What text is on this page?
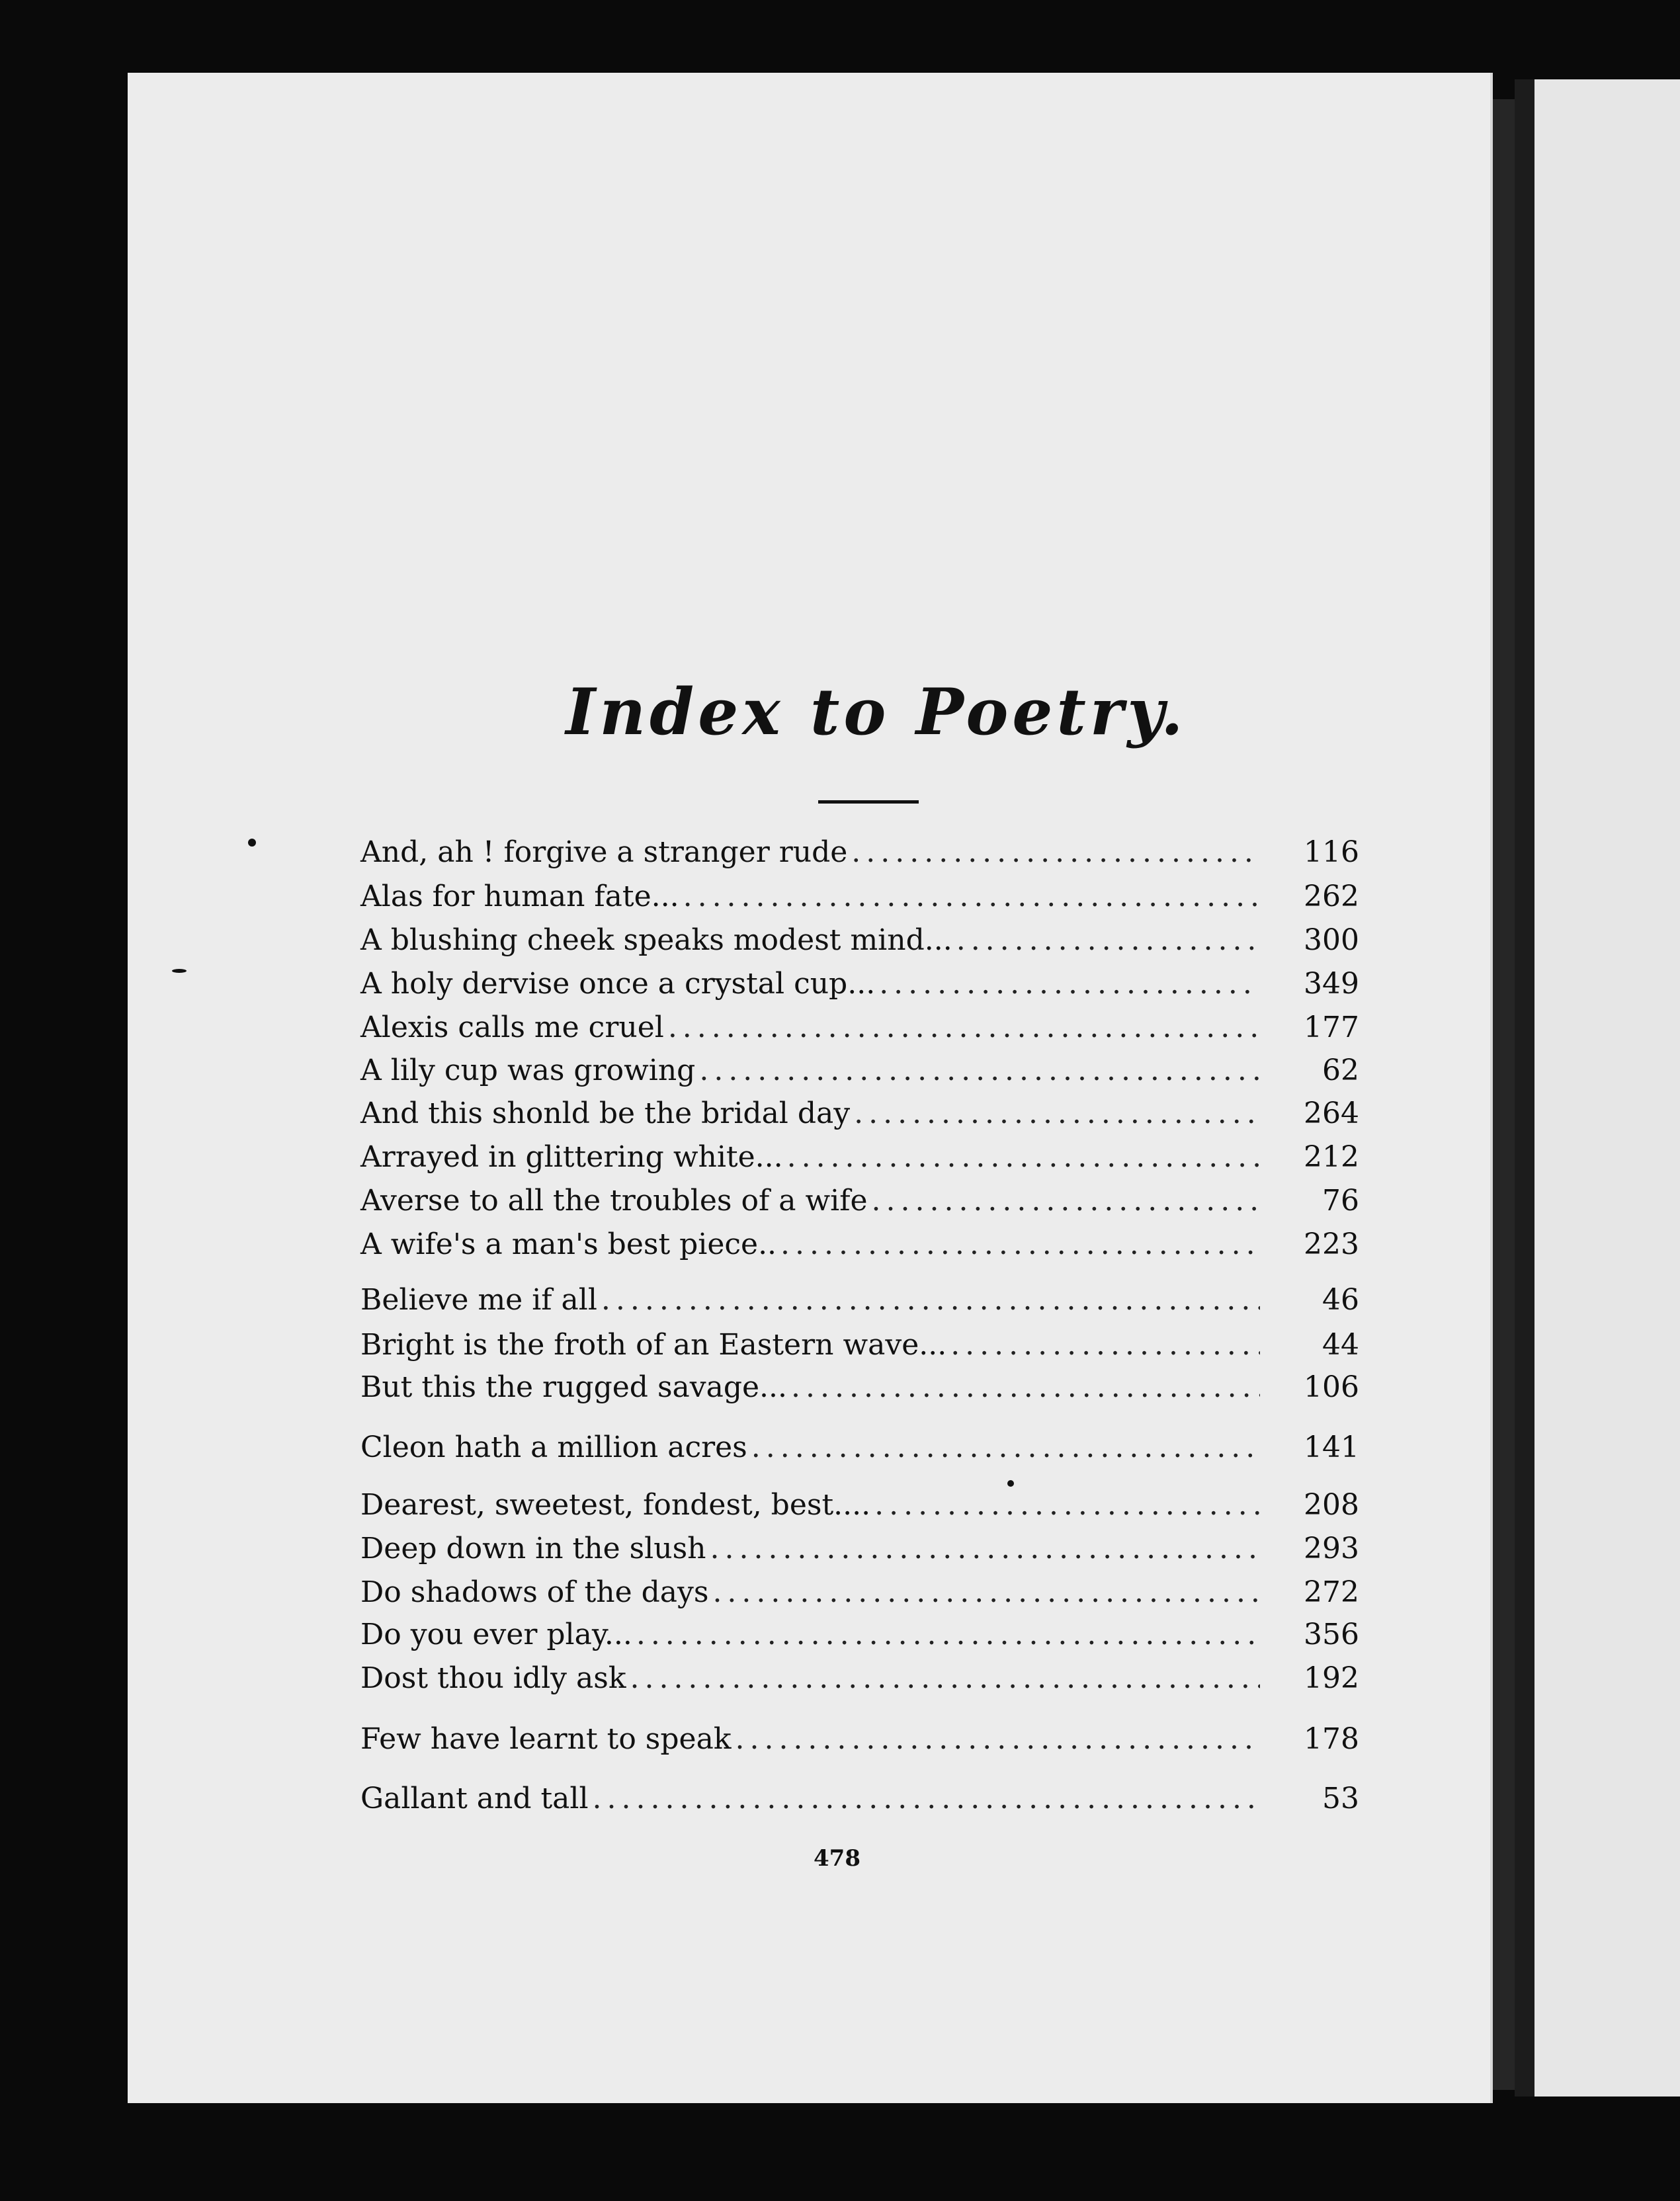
Index to Poetry.
And, ah ! forgive a stranger rude .....	116
Alas for human fate... .....	262
A blushing cheek speaks modest mind... .....	300
A holy dervise once a crystal cup... .....	349
Alexis calls me cruel .....	177
A lily cup was growing .....	62
And this shonld be the bridal day .....	264
Arrayed in glittering white... .....	212
Averse to all the troubles of a wife .....	76
A wife's a man's best piece.. .....	223
Believe me if all .....	46
Bright is the froth of an Eastern wave... .....	44
But this the rugged savage... .....	106
Cleon hath a million acres .....	141
Dearest, sweetest, fondest, best.... .....	208
Deep down in the slush .....	293
Do shadows of the days .....	272
Do you ever play... .....	356
Dost thou idly ask .....	192
Few have learnt to speak .....	178
Gallant and tall .....	53
478
